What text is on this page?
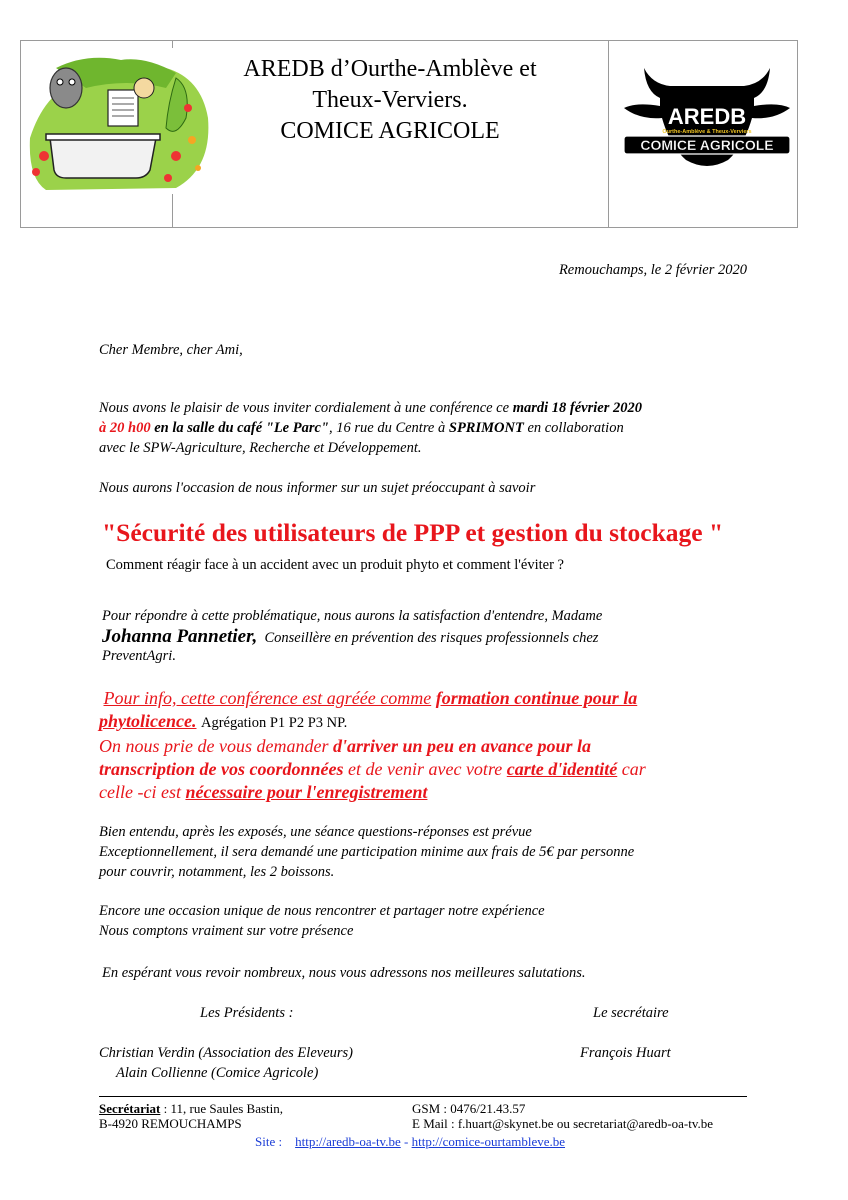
AREDB d’Ourthe-Amblève et
Theux-Verviers.
COMICE AGRICOLE
AREDB
Ourthe-Amblève & Theux-Verviers
COMICE AGRICOLE
Remouchamps, le 2 février 2020
Cher Membre, cher Ami,
Nous avons le plaisir de vous inviter cordialement à une conférence ce mardi 18 février 2020
à 20 h00 en la salle du café "Le Parc", 16 rue du Centre à SPRIMONT en collaboration
avec le SPW-Agriculture, Recherche et Développement.
Nous aurons l'occasion de nous informer sur un sujet préoccupant à savoir
"Sécurité des utilisateurs de PPP et gestion du stockage "
Comment réagir face à un accident avec un produit phyto et comment l'éviter ?
Pour répondre à cette problématique, nous aurons la satisfaction d'entendre, Madame
Johanna Pannetier, Conseillère en prévention des risques professionnels chez
PreventAgri.
Pour info, cette conférence est agréée comme formation continue pour la
phytolicence. Agrégation P1 P2 P3 NP.
On nous prie de vous demander d'arriver un peu en avance pour la
transcription de vos coordonnées et de venir avec votre carte d'identité car
celle -ci est nécessaire pour l'enregistrement
Bien entendu, après les exposés, une séance questions-réponses est prévue
Exceptionnellement, il sera demandé une participation minime aux frais de 5€ par personne
pour couvrir, notamment, les 2 boissons.
Encore une occasion unique de nous rencontrer et partager notre expérience
Nous comptons vraiment sur votre présence
En espérant vous revoir nombreux, nous vous adressons nos meilleures salutations.
Les Présidents :	Le secrétaire
Christian Verdin (Association des Eleveurs)
Alain Collienne (Comice Agricole)
François Huart
Secrétariat : 11, rue Saules Bastin,
B-4920 REMOUCHAMPS
GSM : 0476/21.43.57
E Mail : f.huart@skynet.be ou secretariat@aredb-oa-tv.be
Site : http://aredb-oa-tv.be - http://comice-ourtambleve.be
